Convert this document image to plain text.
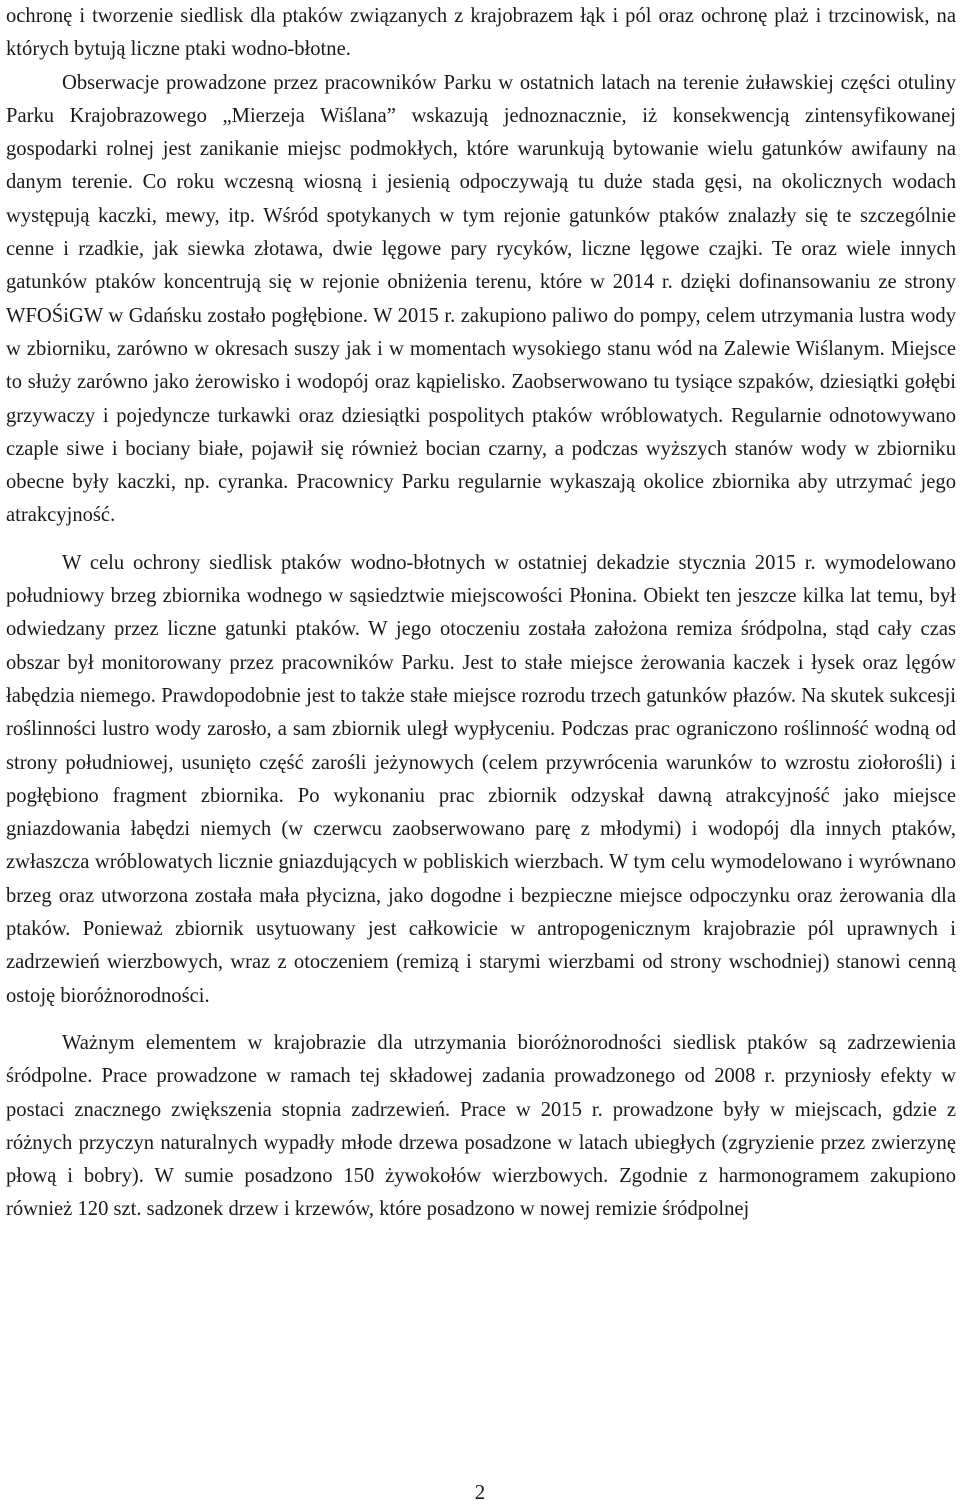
ochronę i tworzenie siedlisk dla ptaków związanych z krajobrazem łąk i pól oraz ochronę plaż i trzcinowisk, na których bytują liczne ptaki wodno-błotne.

Obserwacje prowadzone przez pracowników Parku w ostatnich latach na terenie żuławskiej części otuliny Parku Krajobrazowego „Mierzeja Wiślana” wskazują jednoznacznie, iż konsekwencją zintensyfikowanej gospodarki rolnej jest zanikanie miejsc podmokłych, które warunkują bytowanie wielu gatunków awifauny na danym terenie. Co roku wczesną wiosną i jesienią odpoczywają tu duże stada gęsi, na okolicznych wodach występują kaczki, mewy, itp. Wśród spotykanych w tym rejonie gatunków ptaków znalazły się te szczególnie cenne i rzadkie, jak siewka złotawa, dwie lęgowe pary rycyków, liczne lęgowe czajki. Te oraz wiele innych gatunków ptaków koncentrują się w rejonie obniżenia terenu, które w 2014 r. dzięki dofinansowaniu ze strony WFOŚiGW w Gdańsku zostało pogłębione. W 2015 r. zakupiono paliwo do pompy, celem utrzymania lustra wody w zbiorniku, zarówno w okresach suszy jak i w momentach wysokiego stanu wód na Zalewie Wiślanym. Miejsce to służy zarówno jako żerowisko i wodopój oraz kąpielisko. Zaobserwowano tu tysiące szpaków, dziesiątki gołębi grzywaczy i pojedyncze turkawki oraz dziesiątki pospolitych ptaków wróblowatych. Regularnie odnotowywano czaple siwe i bociany białe, pojawił się również bocian czarny, a podczas wyższych stanów wody w zbiorniku obecne były kaczki, np. cyranka. Pracownicy Parku regularnie wykaszają okolice zbiornika aby utrzymać jego atrakcyjność.

W celu ochrony siedlisk ptaków wodno-błotnych w ostatniej dekadzie stycznia 2015 r. wymodelowano południowy brzeg zbiornika wodnego w sąsiedztwie miejscowości Płonina. Obiekt ten jeszcze kilka lat temu, był odwiedzany przez liczne gatunki ptaków. W jego otoczeniu została założona remiza śródpolna, stąd cały czas obszar był monitorowany przez pracowników Parku. Jest to stałe miejsce żerowania kaczek i łysek oraz lęgów łabędzia niemego. Prawdopodobnie jest to także stałe miejsce rozrodu trzech gatunków płazów. Na skutek sukcesji roślinności lustro wody zarosło, a sam zbiornik uległ wypłyceniu. Podczas prac ograniczono roślinność wodną od strony południowej, usunięto część zarośli jeżynowych (celem przywrócenia warunków to wzrostu ziołorośli) i pogłębiono fragment zbiornika. Po wykonaniu prac zbiornik odzyskał dawną atrakcyjność jako miejsce gniazdowania łabędzi niemych (w czerwcu zaobserwowano parę z młodymi) i wodopój dla innych ptaków, zwłaszcza wróblowatych licznie gniazdujących w pobliskich wierzbach. W tym celu wymodelowano i wyrównano brzeg oraz utworzona została mała płycizna, jako dogodne i bezpieczne miejsce odpoczynku oraz żerowania dla ptaków. Ponieważ zbiornik usytuowany jest całkowicie w antropogenicznym krajobrazie pól uprawnych i zadrzewień wierzbowych, wraz z otoczeniem (remizą i starymi wierzbami od strony wschodniej) stanowi cenną ostoję bioróżnorodności.

Ważnym elementem w krajobrazie dla utrzymania bioróżnorodności siedlisk ptaków są zadrzewienia śródpolne. Prace prowadzone w ramach tej składowej zadania prowadzonego od 2008 r. przyniosły efekty w postaci znacznego zwiększenia stopnia zadrzewień. Prace w 2015 r. prowadzone były w miejscach, gdzie z różnych przyczyn naturalnych wypadły młode drzewa posadzone w latach ubiegłych (zgryzienie przez zwierzynę płową i bobry). W sumie posadzono 150 żywokołów wierzbowych. Zgodnie z harmonogramem zakupiono również 120 szt. sadzonek drzew i krzewów, które posadzono w nowej remizie śródpolnej

2
